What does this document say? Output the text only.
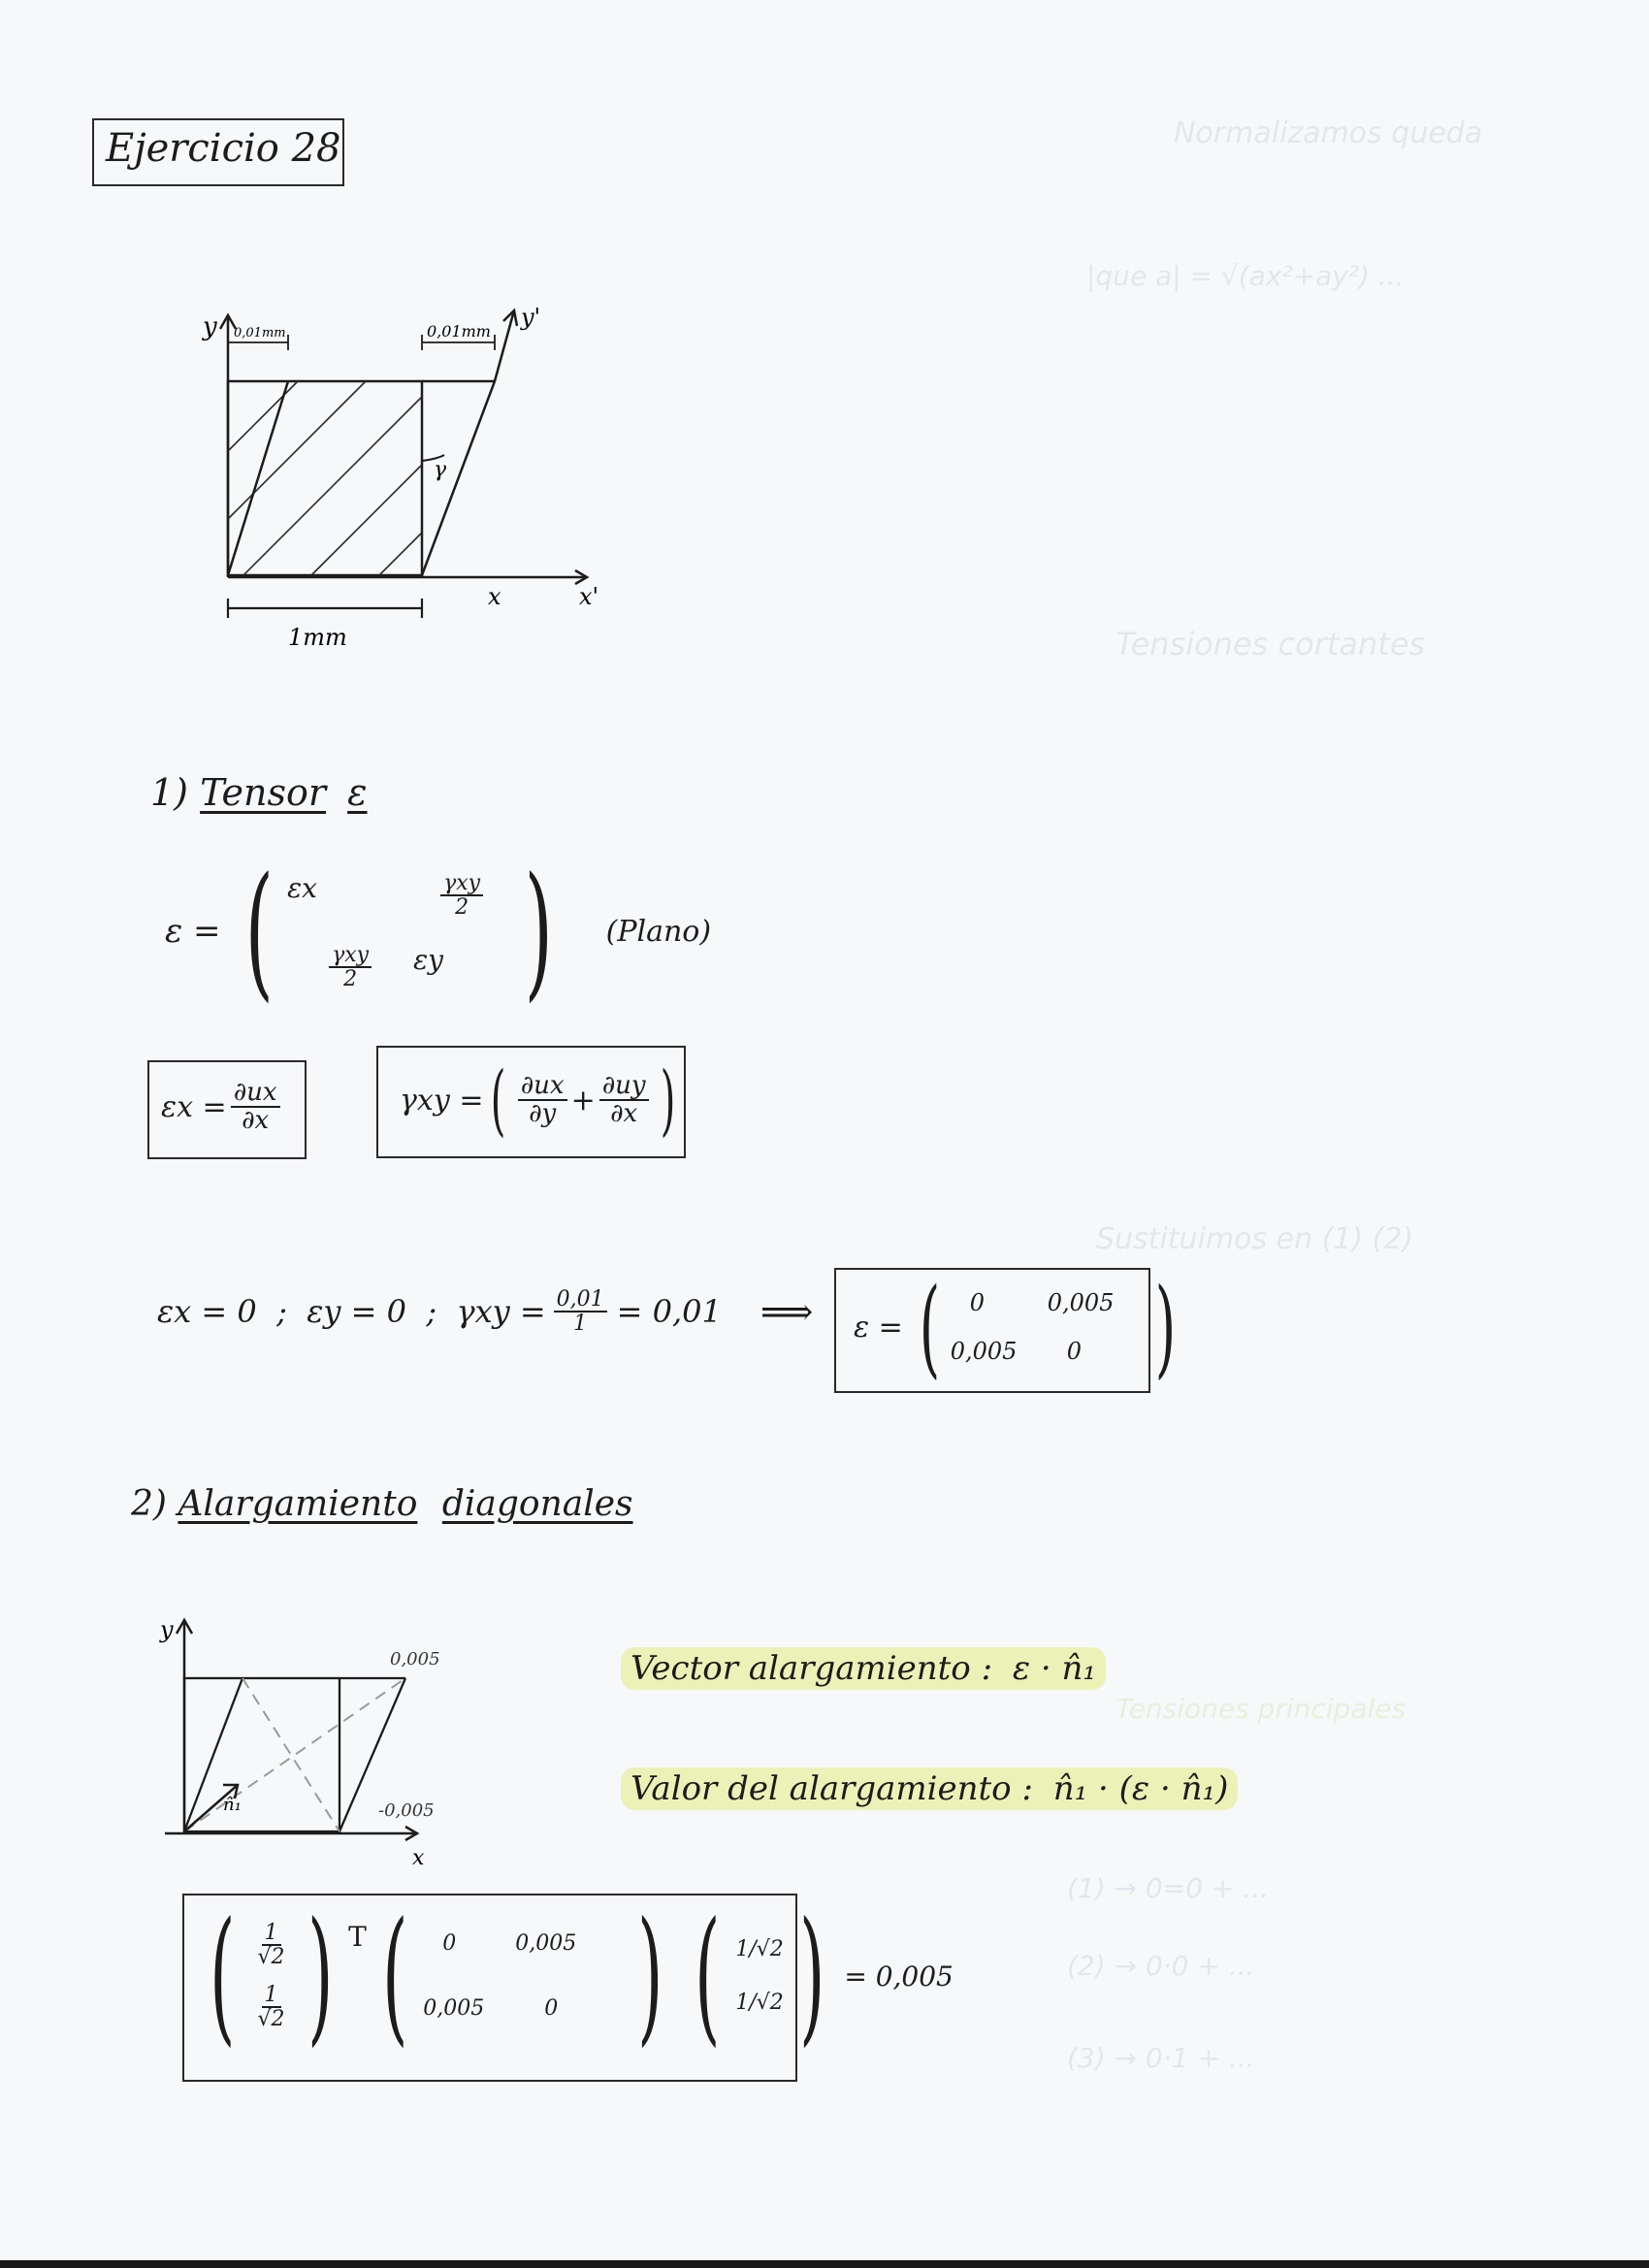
Normalizamos queda
|que a| = √(ax²+ay²) ...
Tensiones cortantes
Sustituimos en (1) (2)
Tensiones principales
(1) → 0=0 + ...
(2) → 0·0 + ...
(3) → 0·1 + ...
Ejercicio 28
y	y'
x	x'
0,01mm	0,01mm
γ
1mm
1) Tensor ε
ε = ( εx	$\frac{\text{γxy}}{2}$
$\frac{\text{γxy}}{2}$ εy ) (Plano)
$\varepsilon x = \frac{\partial ux}{\partial x}$	γxy = ( $\frac{\partial ux}{\partial y} + \frac{\partial uy}{\partial x}$ )
εx = 0  ;  εy = 0  ;  $\gamma xy = \frac{0,01}{1} = 0,01$ ⟹ ε = (	0	0,005
0,005	0 )
2) Alargamiento diagonales
y
x
0,005
-0,005
n̂₁
Vector alargamiento : ε · n̂₁
Valor del alargamiento : n̂₁ · (ε · n̂₁)
( $\frac{1}{√2}$
$\frac{1}{√2}$ ) T (	0	0,005
0,005	0 ) ( 1/√2
1/√2 ) = 0,005
